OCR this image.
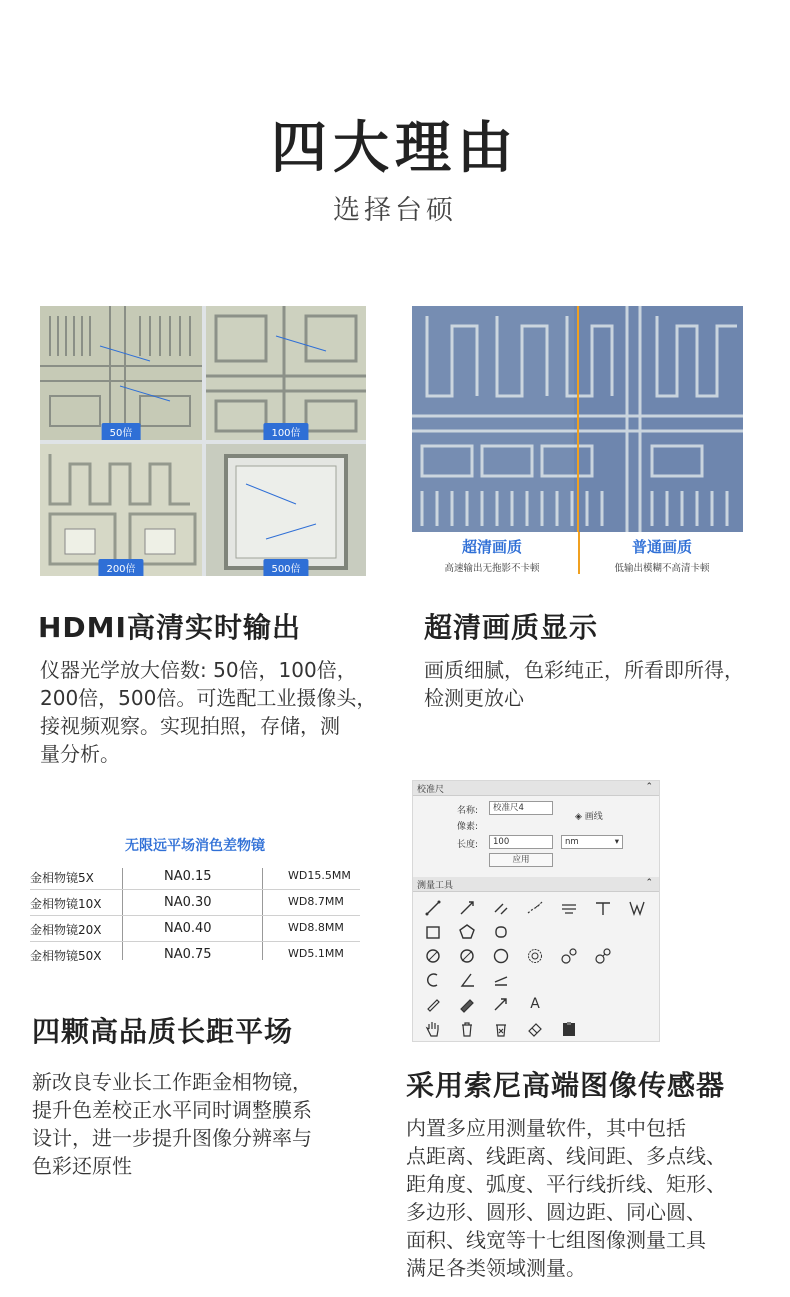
四大理由
选择台硕
50倍	100倍
200倍	500倍
超清画质
高速输出无拖影不卡顿
普通画质
低输出模糊不高清卡顿
HDMI高清实时输出
仪器光学放大倍数: 50倍，100倍，
200倍，500倍。可选配工业摄像头，
接视频观察。实现拍照，存储，测
量分析。
超清画质显示
画质细腻，色彩纯正，所看即所得，
检测更放心
无限远平场消色差物镜
金相物镜5X	NA0.15	WD15.5MM
金相物镜10X	NA0.30	WD8.7MM
金相物镜20X	NA0.40	WD8.8MM
金相物镜50X	NA0.75	WD5.1MM
四颗高品质长距平场
新改良专业长工作距金相物镜，
提升色差校正水平同时调整膜系
设计，进一步提升图像分辨率与
色彩还原性
校准尺	⌃
名称:	校准尺4
◈ 画线
像素:
长度:	100	nm	▾
应用
测量工具	⌃
A
采用索尼高端图像传感器
内置多应用测量软件，其中包括
点距离、线距离、线间距、多点线、
距角度、弧度、平行线折线、矩形、
多边形、圆形、圆边距、同心圆、
面积、线宽等十七组图像测量工具
满足各类领域测量。
